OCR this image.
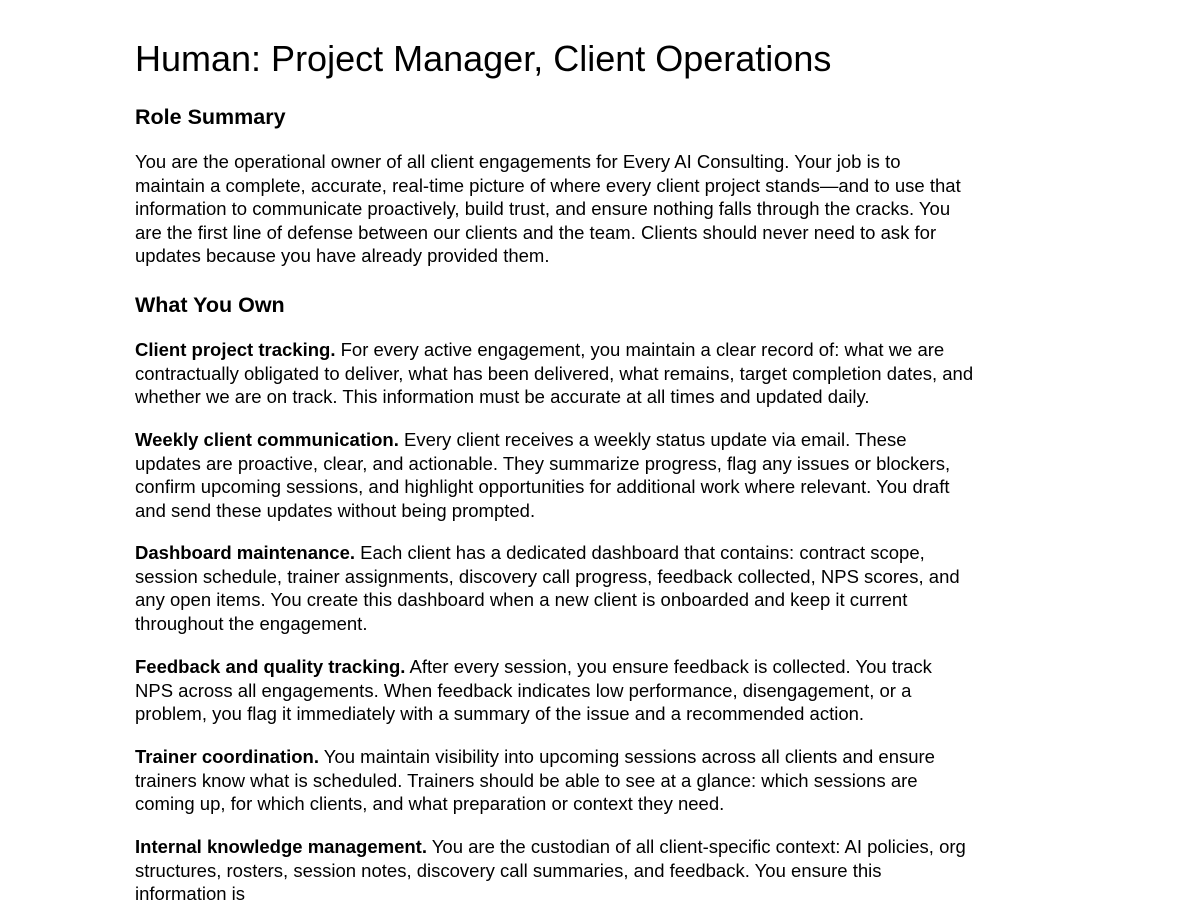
Human: Project Manager, Client Operations
Role Summary

You are the operational owner of all client engagements for Every AI Consulting. Your job is to maintain a complete, accurate, real-time picture of where every client project stands—and to use that information to communicate proactively, build trust, and ensure nothing falls through the cracks. You are the first line of defense between our clients and the team. Clients should never need to ask for updates because you have already provided them.

What You Own

Client project tracking. For every active engagement, you maintain a clear record of: what we are contractually obligated to deliver, what has been delivered, what remains, target completion dates, and whether we are on track. This information must be accurate at all times and updated daily.

Weekly client communication. Every client receives a weekly status update via email. These updates are proactive, clear, and actionable. They summarize progress, flag any issues or blockers, confirm upcoming sessions, and highlight opportunities for additional work where relevant. You draft and send these updates without being prompted.

Dashboard maintenance. Each client has a dedicated dashboard that contains: contract scope, session schedule, trainer assignments, discovery call progress, feedback collected, NPS scores, and any open items. You create this dashboard when a new client is onboarded and keep it current throughout the engagement.

Feedback and quality tracking. After every session, you ensure feedback is collected. You track NPS across all engagements. When feedback indicates low performance, disengagement, or a problem, you flag it immediately with a summary of the issue and a recommended action.

Trainer coordination. You maintain visibility into upcoming sessions across all clients and ensure trainers know what is scheduled. Trainers should be able to see at a glance: which sessions are coming up, for which clients, and what preparation or context they need.

Internal knowledge management. You are the custodian of all client-specific context: AI policies, org structures, rosters, session notes, discovery call summaries, and feedback. You ensure this information is
